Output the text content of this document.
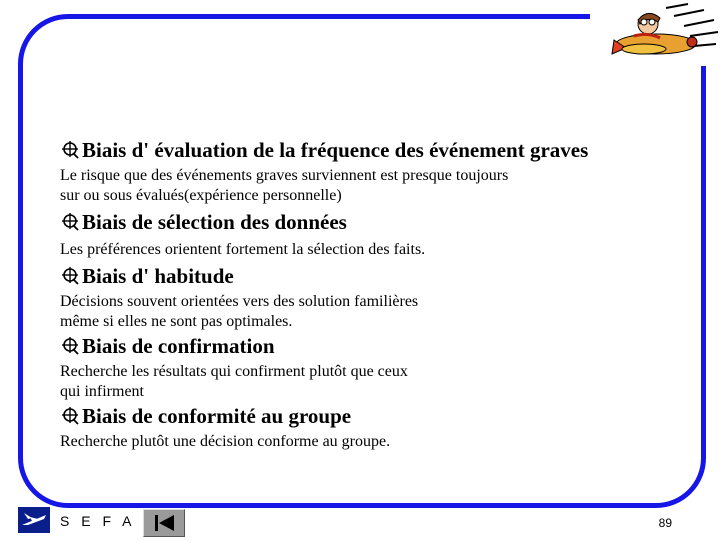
Biais d' évaluation de la fréquence des événement graves

Le risque que des événements graves surviennent est presque toujours
sur ou sous évalués(expérience personnelle)

Biais de sélection des données

Les préférences orientent fortement la sélection des faits.

Biais d' habitude

Décisions souvent orientées vers des solution familières
même si elles ne sont pas optimales.

Biais de confirmation

Recherche les résultats qui confirment plutôt que ceux
qui infirment

Biais de conformité au groupe

Recherche plutôt une décision conforme au groupe.

S E F A	89
